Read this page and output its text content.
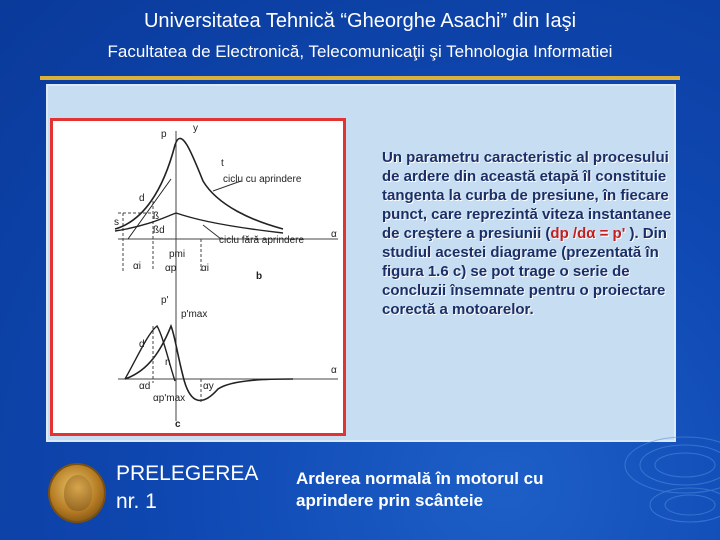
Universitatea Tehnică “Gheorghe Asachi” din Iaşi
Facultatea de Electronică, Telecomunicaţii şi Tehnologia Informatiei
p
y
t
ciclu cu aprindere
d
s
ß
ßd
ciclu fără aprindere
α
pmi
αi αp αi
b
p'
p'max
d
n
α
αd	αy
αp'max
c
Un parametru caracteristic al procesului de ardere din această etapă îl constituie tangenta la curba de presiune, în fiecare punct, care reprezintă viteza instantanee de creştere a presiunii (dp /dα = p' ). Din studiul acestei diagrame (prezentată în figura 1.6 c) se pot trage o serie de concluzii însemnate pentru o proiectare corectă a motoarelor.
PRELEGEREA
nr. 1
Arderea normală în motorul cu aprindere prin scânteie
